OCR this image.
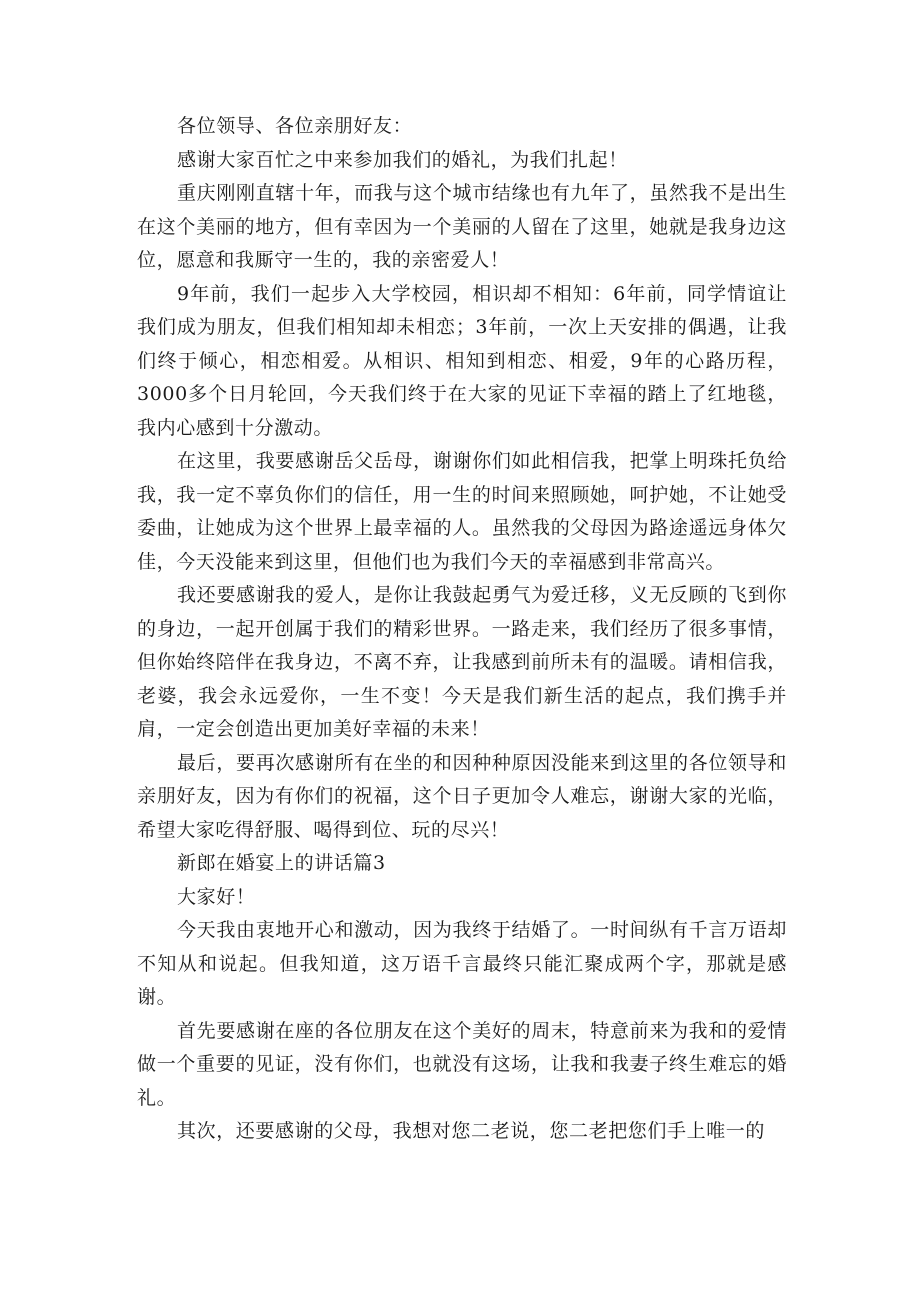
各位领导、各位亲朋好友：

感谢大家百忙之中来参加我们的婚礼，为我们扎起！

重庆刚刚直辖十年，而我与这个城市结缘也有九年了，虽然我不是出生在这个美丽的地方，但有幸因为一个美丽的人留在了这里，她就是我身边这位，愿意和我厮守一生的，我的亲密爱人！

9年前，我们一起步入大学校园，相识却不相知：6年前，同学情谊让我们成为朋友，但我们相知却未相恋；3年前，一次上天安排的偶遇，让我们终于倾心，相恋相爱。从相识、相知到相恋、相爱，9年的心路历程，3000多个日月轮回，今天我们终于在大家的见证下幸福的踏上了红地毯，我内心感到十分激动。

在这里，我要感谢岳父岳母，谢谢你们如此相信我，把掌上明珠托负给我，我一定不辜负你们的信任，用一生的时间来照顾她，呵护她，不让她受委曲，让她成为这个世界上最幸福的人。虽然我的父母因为路途遥远身体欠佳，今天没能来到这里，但他们也为我们今天的幸福感到非常高兴。

我还要感谢我的爱人，是你让我鼓起勇气为爱迁移，义无反顾的飞到你的身边，一起开创属于我们的精彩世界。一路走来，我们经历了很多事情，但你始终陪伴在我身边，不离不弃，让我感到前所未有的温暖。请相信我，老婆，我会永远爱你，一生不变！今天是我们新生活的起点，我们携手并肩，一定会创造出更加美好幸福的未来！

最后，要再次感谢所有在坐的和因种种原因没能来到这里的各位领导和亲朋好友，因为有你们的祝福，这个日子更加令人难忘，谢谢大家的光临，希望大家吃得舒服、喝得到位、玩的尽兴！

新郎在婚宴上的讲话篇3

大家好！

今天我由衷地开心和激动，因为我终于结婚了。一时间纵有千言万语却不知从和说起。但我知道，这万语千言最终只能汇聚成两个字，那就是感谢。

首先要感谢在座的各位朋友在这个美好的周末，特意前来为我和的爱情做一个重要的见证，没有你们，也就没有这场，让我和我妻子终生难忘的婚礼。

其次，还要感谢的父母，我想对您二老说，您二老把您们手上唯一的
